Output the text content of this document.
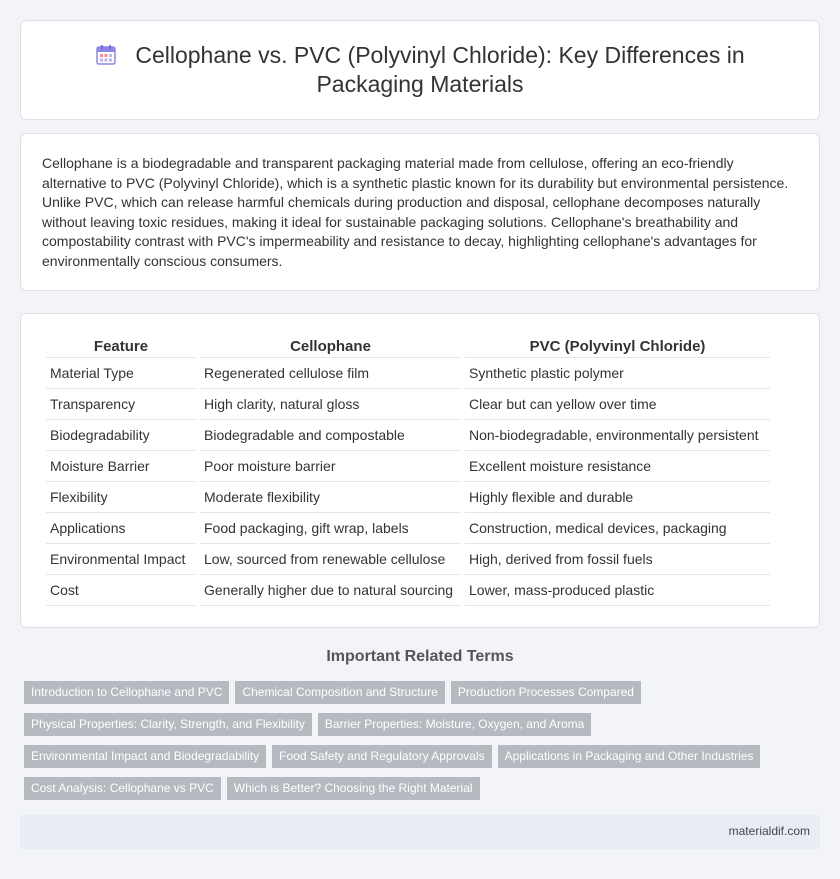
Cellophane vs. PVC (Polyvinyl Chloride): Key Differences in
Packaging Materials

Cellophane is a biodegradable and transparent packaging material made from cellulose, offering an eco-friendly alternative to PVC (Polyvinyl Chloride), which is a synthetic plastic known for its durability but environmental persistence. Unlike PVC, which can release harmful chemicals during production and disposal, cellophane decomposes naturally without leaving toxic residues, making it ideal for sustainable packaging solutions. Cellophane's breathability and compostability contrast with PVC's impermeability and resistance to decay, highlighting cellophane's advantages for environmentally conscious consumers.

Feature	Cellophane	PVC (Polyvinyl Chloride)
Material Type	Regenerated cellulose film	Synthetic plastic polymer
Transparency	High clarity, natural gloss	Clear but can yellow over time
Biodegradability	Biodegradable and compostable	Non-biodegradable, environmentally persistent
Moisture Barrier	Poor moisture barrier	Excellent moisture resistance
Flexibility	Moderate flexibility	Highly flexible and durable
Applications	Food packaging, gift wrap, labels	Construction, medical devices, packaging
Environmental Impact	Low, sourced from renewable cellulose	High, derived from fossil fuels
Cost	Generally higher due to natural sourcing	Lower, mass-produced plastic
Important Related Terms
Introduction to Cellophane and PVC	Chemical Composition and Structure	Production Processes Compared
Physical Properties: Clarity, Strength, and Flexibility	Barrier Properties: Moisture, Oxygen, and Aroma
Environmental Impact and Biodegradability	Food Safety and Regulatory Approvals	Applications in Packaging and Other Industries
Cost Analysis: Cellophane vs PVC	Which is Better? Choosing the Right Material
materialdif.com
